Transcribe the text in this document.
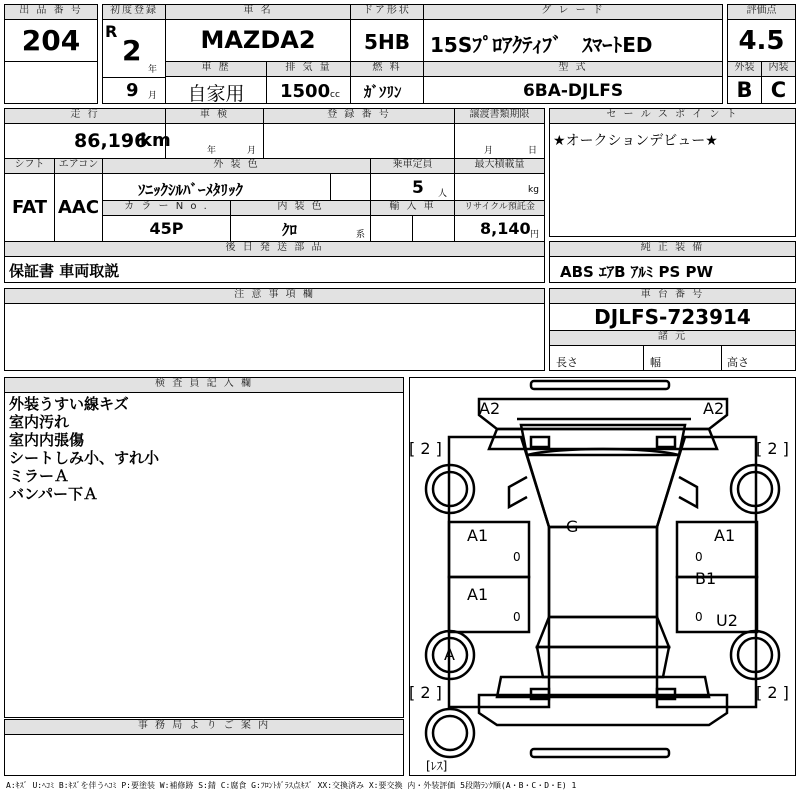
出 品 番 号
204
初度登録
R
2
年
9 月
車 名
MAZDA2
ドア形状
5HB
グ レ ー ド
15Sﾌﾟﾛｱｸﾃｨﾌﾞ　ｽﾏｰﾄED
評価点
4.5
車 歴
自家用
排 気 量
1500 cc
燃 料
ｶﾞｿﾘﾝ
型 式
6BA-DJLFS
外装	内装
B C
走 行
86,196
km
車 検
年	月
登 録 番 号	譲渡書類期限
月	日
セ ー ル ス ポ イ ン ト
★オークションデビュー★
シフト	エアコン
FAT AAC
外 装 色
ｿﾆｯｸｼﾙﾊﾞｰﾒﾀﾘｯｸ
乗車定員
5 人
最大積載量
kg
カ ラ ー N o .
45P
内 装 色
ｸﾛ	系
輸 入 車	リサイクル預託金
8,140 円
後 日 発 送 部 品
保証書 車両取説
純 正 装 備
ABS ｴｱB ｱﾙﾐ PS PW
注 意 事 項 欄	車 台 番 号
DJLFS-723914
諸 元
長さ	幅	高さ
検 査 員 記 入 欄
外装うすい線キズ
室内汚れ
室内内張傷
シートしみ小、すれ小
ミラーＡ
バンパー下Ａ
事 務 局 よ り ご 案 内
A2	A2
[ 2 ]	[ 2 ]
[ 2 ]	[ 2 ]
A1	A1
A1
0	0
0	0
G
B1
U2
A
[ﾚｽ]
A:ｷｽﾞ U:ﾍｺﾐ B:ｷｽﾞを伴うﾍｺﾐ P:要塗装 W:補修跡 S:錆 C:腐食 G:ﾌﾛﾝﾄｶﾞﾗｽ点ｷｽﾞ XX:交換済み X:要交換 内・外装評価 5段階ﾗﾝｸ順(A・B・C・D・E) 1
